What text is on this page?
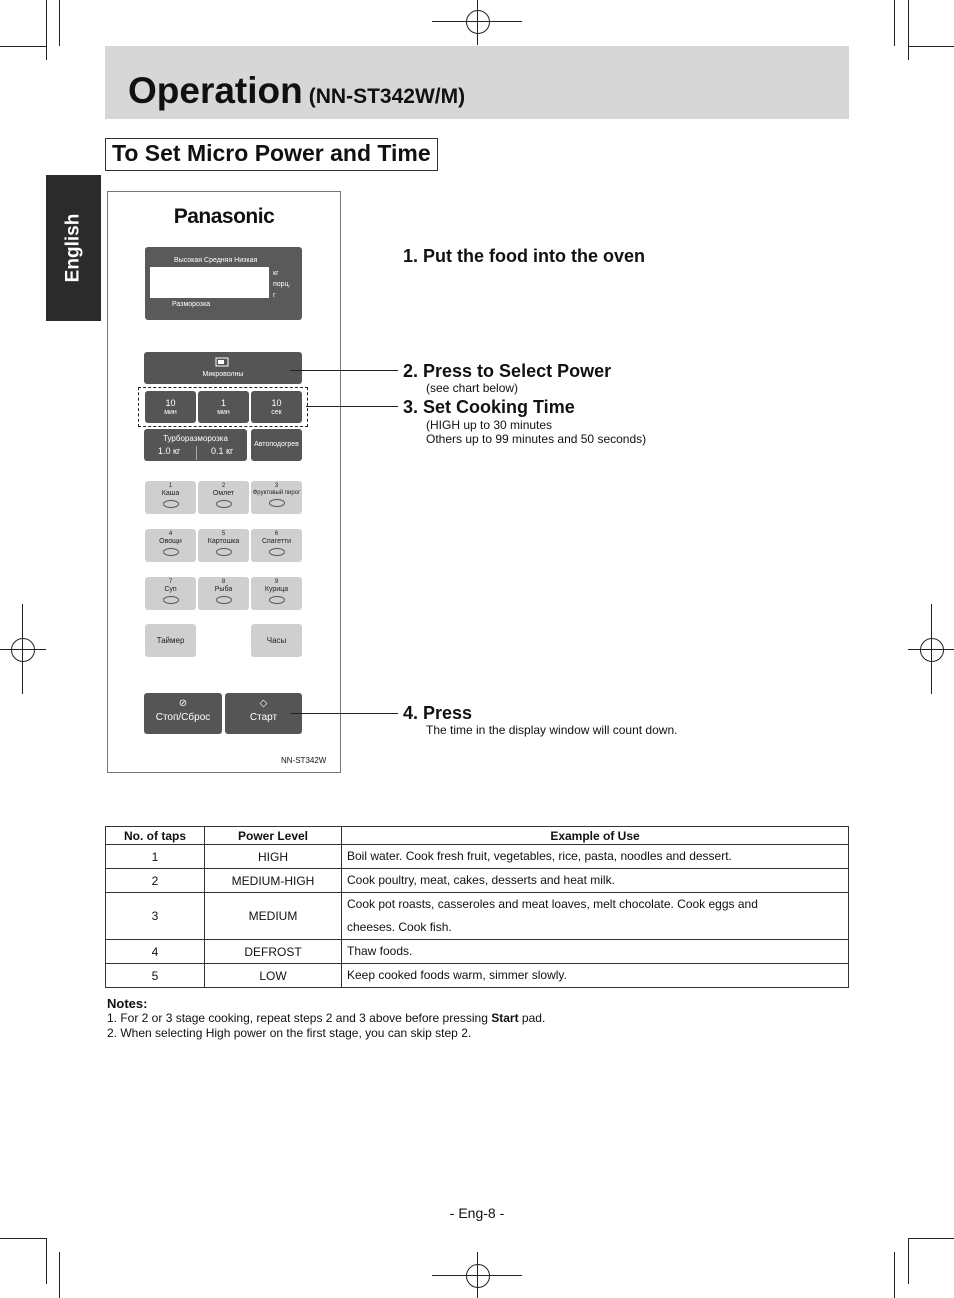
Operation (NN-ST342W/M)
To Set Micro Power and Time
English	Panasonic
Высокая Средняя Низкая
кг
порц.
г
Разморозка
Микроволны
10
мин
1
мин
10
сек
Турборазморозка
1.0 кг	0.1 кг
Автоподогрев
1
Каша
2
Омлет
3
Фруктовый пирог
4
Овощи
5
Картошка
6
Спагетти
7
Суп
8
Рыба
9
Курица
Таймер	Часы
⊘
Стоп/Сброс
◇
Старт
NN-ST342W
1. Put the food into the oven
2. Press to Select Power
(see chart below)
3. Set Cooking Time
(HIGH up to 30 minutes
Others up to 99 minutes and 50 seconds)
4. Press
The time in the display window will count down.
No. of taps	Power Level	Example of Use
1	HIGH	Boil water. Cook fresh fruit, vegetables, rice, pasta, noodles and dessert.
2	MEDIUM-HIGH	Cook poultry, meat, cakes, desserts and heat milk.
3	MEDIUM	Cook pot roasts, casseroles and meat loaves, melt chocolate. Cook eggs and cheeses. Cook fish.
4	DEFROST	Thaw foods.
5	LOW	Keep cooked foods warm, simmer slowly.
Notes:
1. For 2 or 3 stage cooking, repeat steps 2 and 3 above before pressing Start pad.
2. When selecting High power on the first stage, you can skip step 2.
- Eng-8 -
